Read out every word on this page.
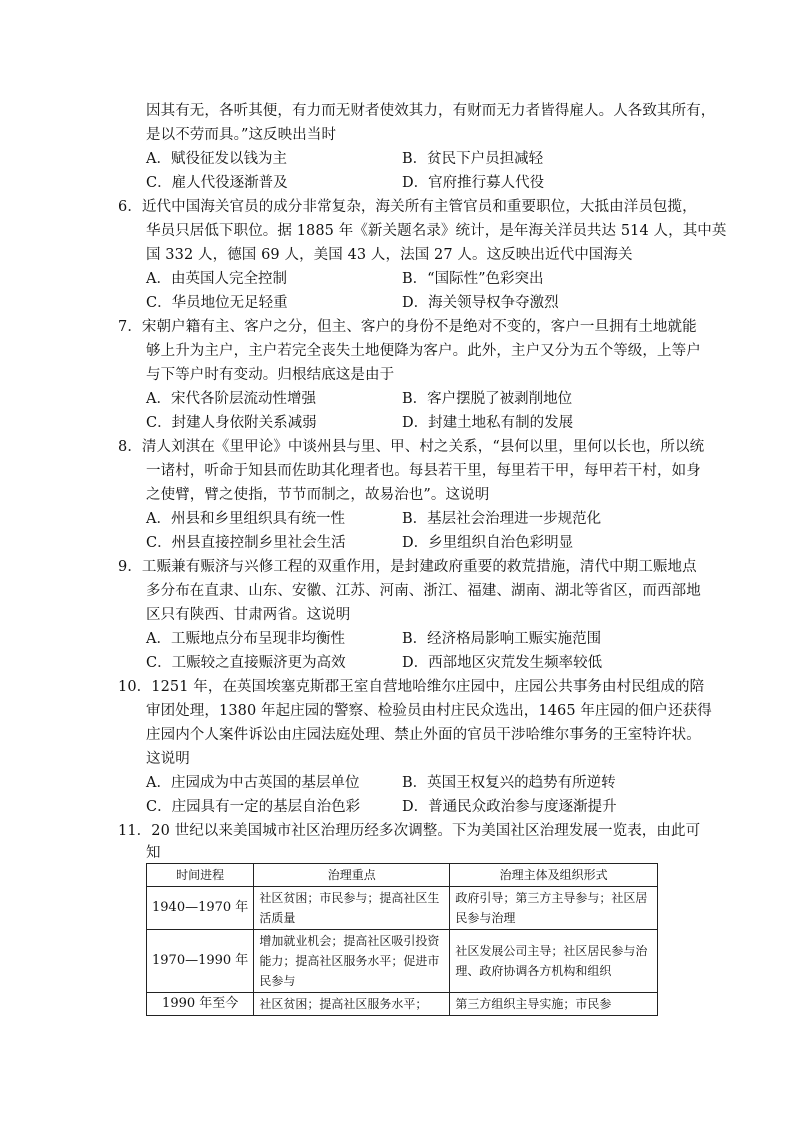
因其有无，各听其便，有力而无财者使效其力，有财而无力者皆得雇人。人各致其所有，
是以不劳而具。”这反映出当时
A．赋役征发以钱为主	B．贫民下户员担减轻
C．雇人代役逐渐普及	D．官府推行募人代役
6．近代中国海关官员的成分非常复杂，海关所有主管官员和重要职位，大抵由洋员包揽，
华员只居低下职位。据 1885 年《新关题名录》统计，是年海关洋员共达 514 人，其中英
国 332 人，德国 69 人，美国 43 人，法国 27 人。这反映出近代中国海关
A．由英国人完全控制	B．“国际性”色彩突出
C．华员地位无足轻重	D．海关领导权争夺激烈
7．宋朝户籍有主、客户之分，但主、客户的身份不是绝对不变的，客户一旦拥有土地就能
够上升为主户，主户若完全丧失土地便降为客户。此外，主户又分为五个等级，上等户
与下等户时有变动。归根结底这是由于
A．宋代各阶层流动性增强	B．客户摆脱了被剥削地位
C．封建人身依附关系减弱	D．封建土地私有制的发展
8．清人刘淇在《里甲论》中谈州县与里、甲、村之关系，“县何以里，里何以长也，所以统
一诸村，听命于知县而佐助其化理者也。每县若干里，每里若干甲，每甲若干村，如身
之使臂，臂之使指，节节而制之，故易治也”。这说明
A．州县和乡里组织具有统一性	B．基层社会治理进一步规范化
C．州县直接控制乡里社会生活	D．乡里组织自治色彩明显
9．工赈兼有赈济与兴修工程的双重作用，是封建政府重要的救荒措施，清代中期工赈地点
多分布在直隶、山东、安徽、江苏、河南、浙江、福建、湖南、湖北等省区，而西部地
区只有陕西、甘肃两省。这说明
A．工赈地点分布呈现非均衡性	B．经济格局影响工赈实施范围
C．工赈较之直接赈济更为高效	D．西部地区灾荒发生频率较低
10．1251 年，在英国埃塞克斯郡王室自营地哈维尔庄园中，庄园公共事务由村民组成的陪
审团处理，1380 年起庄园的警察、检验员由村庄民众选出，1465 年庄园的佃户还获得
庄园内个人案件诉讼由庄园法庭处理、禁止外面的官员干涉哈维尔事务的王室特许状。
这说明
A．庄园成为中古英国的基层单位	B．英国王权复兴的趋势有所逆转
C．庄园具有一定的基层自治色彩	D．普通民众政治参与度逐渐提升
11．20 世纪以来美国城市社区治理历经多次调整。下为美国社区治理发展一览表，由此可
知
时间进程	治理重点	治理主体及组织形式
1940—1970 年	社区贫困；市民参与；提高社区生活质量	政府引导；第三方主导参与；社区居民参与治理
1970—1990 年	增加就业机会；提高社区吸引投资能力；提高社区服务水平；促进市民参与	社区发展公司主导；社区居民参与治理、政府协调各方机构和组织
1990 年至今	社区贫困；提高社区服务水平；	第三方组织主导实施；市民参
